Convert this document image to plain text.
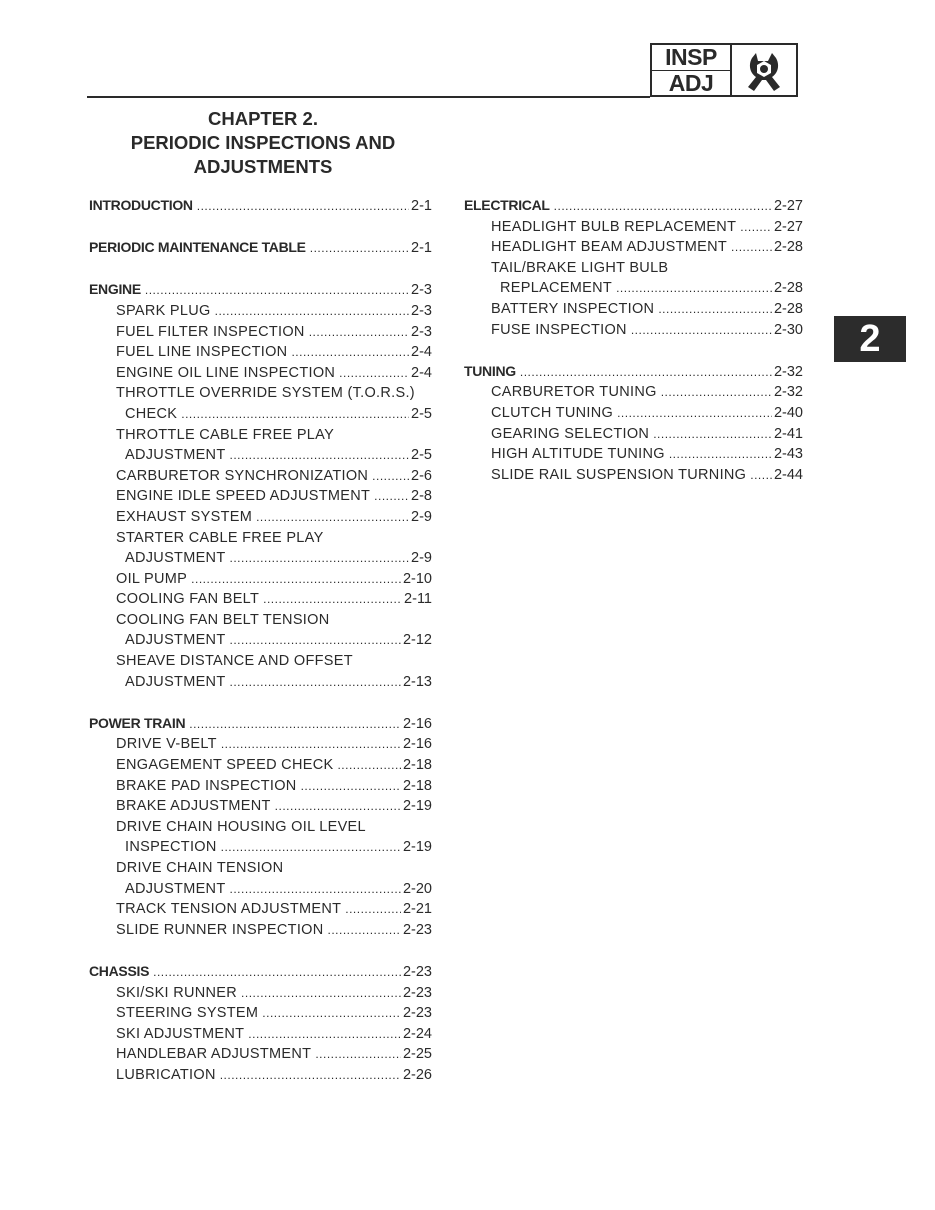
INSP
ADJ
CHAPTER 2.
PERIODIC INSPECTIONS AND
ADJUSTMENTS
INTRODUCTION .....	2-1
PERIODIC MAINTENANCE TABLE .....	2-1
ENGINE .....	2-3
SPARK PLUG .....	2-3
FUEL FILTER INSPECTION .....	2-3
FUEL LINE INSPECTION .....	2-4
ENGINE OIL LINE INSPECTION .....	2-4
THROTTLE OVERRIDE SYSTEM (T.O.R.S.)
CHECK .....	2-5
THROTTLE CABLE FREE PLAY
ADJUSTMENT .....	2-5
CARBURETOR SYNCHRONIZATION .....	2-6
ENGINE IDLE SPEED ADJUSTMENT .....	2-8
EXHAUST SYSTEM .....	2-9
STARTER CABLE FREE PLAY
ADJUSTMENT .....	2-9
OIL PUMP .....	2-10
COOLING FAN BELT .....	2-11
COOLING FAN BELT TENSION
ADJUSTMENT .....	2-12
SHEAVE DISTANCE AND OFFSET
ADJUSTMENT .....	2-13
POWER TRAIN .....	2-16
DRIVE V-BELT .....	2-16
ENGAGEMENT SPEED CHECK .....	2-18
BRAKE PAD INSPECTION .....	2-18
BRAKE ADJUSTMENT .....	2-19
DRIVE CHAIN HOUSING OIL LEVEL
INSPECTION .....	2-19
DRIVE CHAIN TENSION
ADJUSTMENT .....	2-20
TRACK TENSION ADJUSTMENT .....	2-21
SLIDE RUNNER INSPECTION .....	2-23
CHASSIS .....	2-23
SKI/SKI RUNNER .....	2-23
STEERING SYSTEM .....	2-23
SKI ADJUSTMENT .....	2-24
HANDLEBAR ADJUSTMENT .....	2-25
LUBRICATION .....	2-26
ELECTRICAL .....	2-27
HEADLIGHT BULB REPLACEMENT .....	2-27
HEADLIGHT BEAM ADJUSTMENT .....	2-28
TAIL/BRAKE LIGHT BULB
REPLACEMENT .....	2-28
BATTERY INSPECTION .....	2-28
FUSE INSPECTION .....	2-30
TUNING .....	2-32
CARBURETOR TUNING .....	2-32
CLUTCH TUNING .....	2-40
GEARING SELECTION .....	2-41
HIGH ALTITUDE TUNING .....	2-43
SLIDE RAIL SUSPENSION TURNING ..... 2-44
2
